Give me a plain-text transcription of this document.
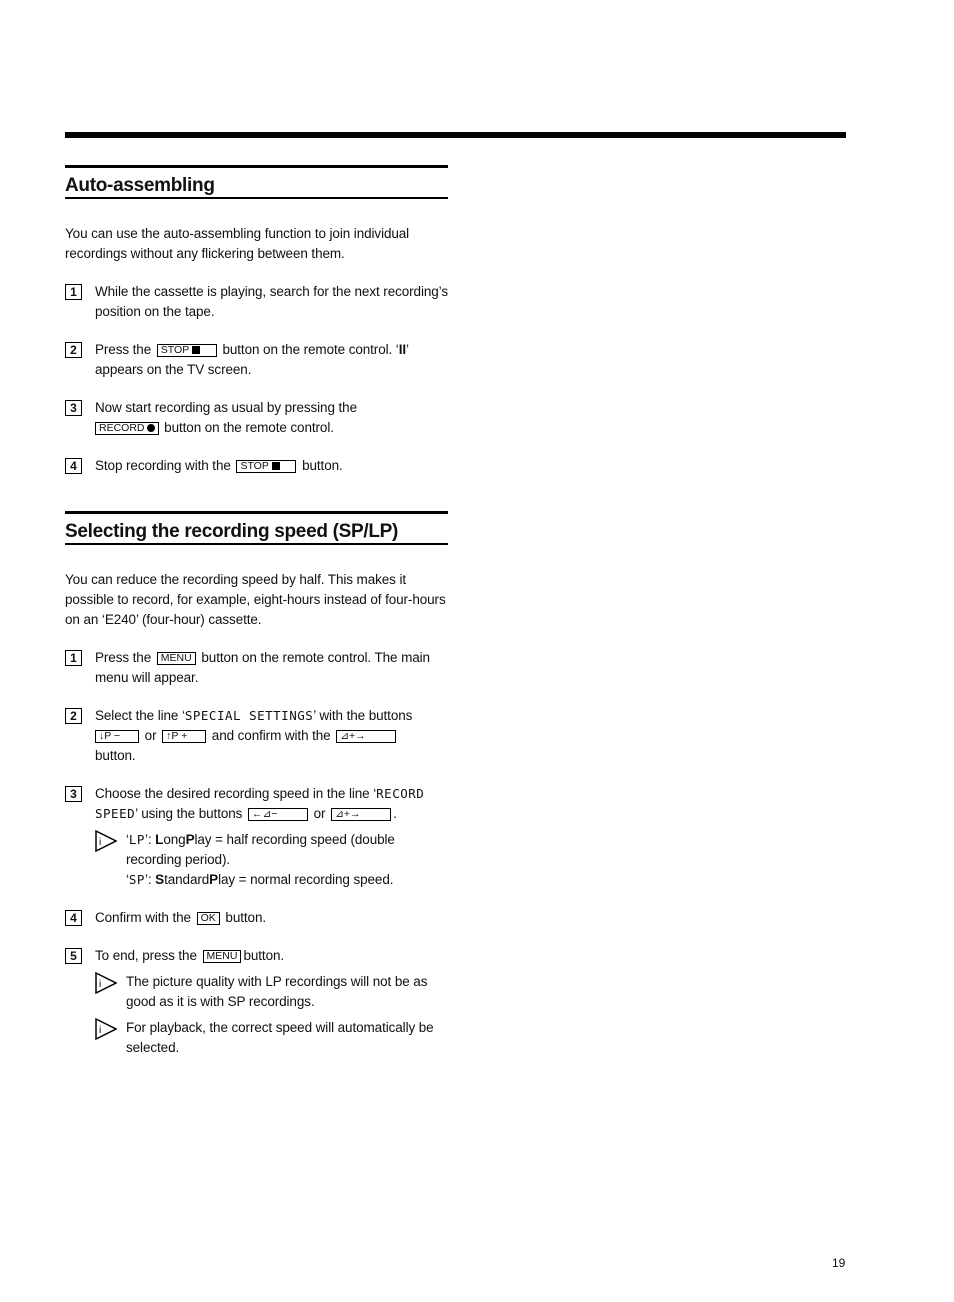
Auto-assembling

You can use the auto-assembling function to join individual recordings without any flickering between them.

1	While the cassette is playing, search for the next recording’s position on the tape.
2	Press the STOP button on the remote control. ‘II’ appears on the TV screen.
3	Now start recording as usual by pressing the
RECORD button on the remote control.
4	Stop recording with the STOP button.
Selecting the recording speed (SP/LP)

You can reduce the recording speed by half. This makes it possible to record, for example, eight-hours instead of four-hours on an ‘E240’ (four-hour) cassette.

1	Press the MENU button on the remote control. The main menu will appear.
2	Select the line ‘SPECIAL SETTINGS’ with the buttons
↓P − or ↑P + and confirm with the ⊿+→
button.
3	Choose the desired recording speed in the line ‘RECORD SPEED’ using the buttons ←⊿−	or ⊿+→ .
i ‘LP’: LongPlay = half recording speed (double recording period).
‘SP’: StandardPlay = normal recording speed.
4	Confirm with the OK button.
5	To end, press the MENU button.
i The picture quality with LP recordings will not be as good as it is with SP recordings.
i For playback, the correct speed will automatically be selected.
19
